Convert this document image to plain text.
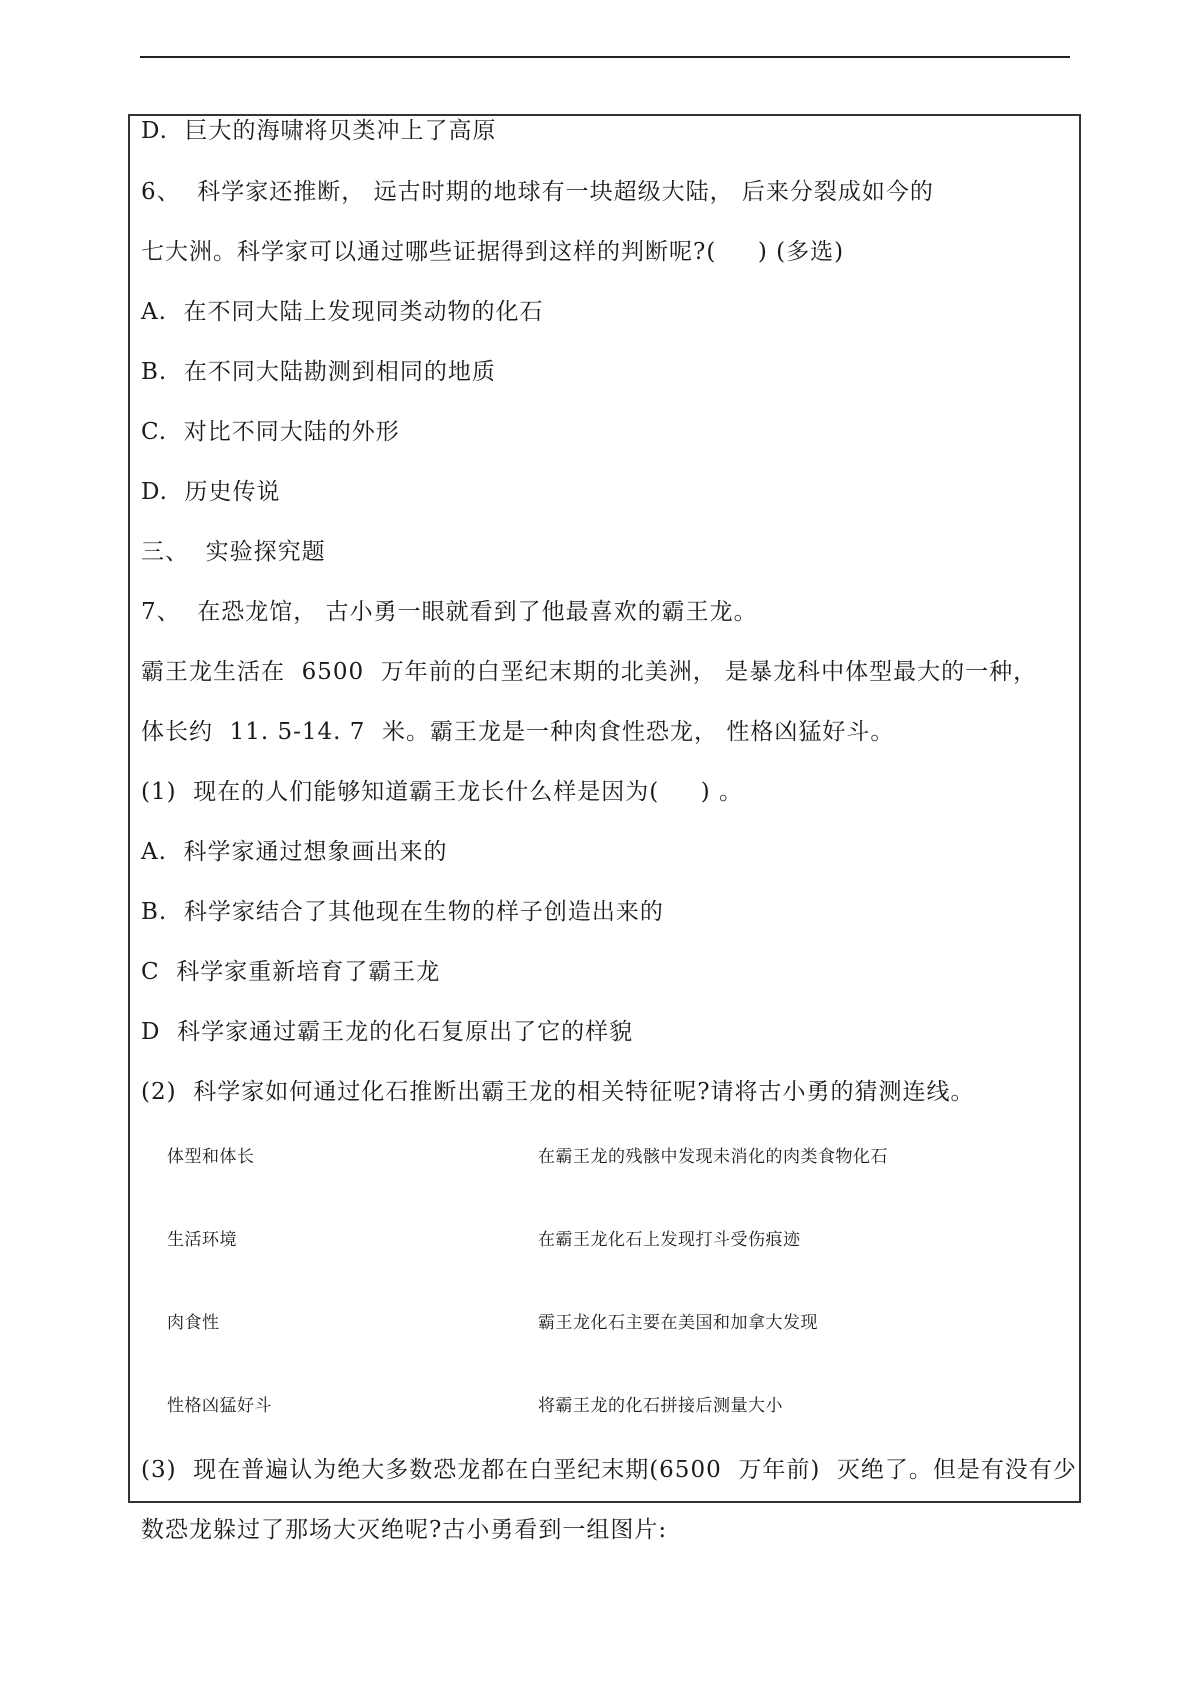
D.  巨大的海啸将贝类冲上了高原
6、  科学家还推断， 远古时期的地球有一块超级大陆， 后来分裂成如今的
七大洲。科学家可以通过哪些证据得到这样的判断呢?(     ) (多选)
A.  在不同大陆上发现同类动物的化石
B.  在不同大陆勘测到相同的地质
C.  对比不同大陆的外形
D.  历史传说
三、  实验探究题
7、  在恐龙馆， 古小勇一眼就看到了他最喜欢的霸王龙。
霸王龙生活在  6500  万年前的白垩纪末期的北美洲， 是暴龙科中体型最大的一种，
体长约  11. 5-14. 7  米。霸王龙是一种肉食性恐龙， 性格凶猛好斗。
(1)  现在的人们能够知道霸王龙长什么样是因为(     ) 。
A.  科学家通过想象画出来的
B.  科学家结合了其他现在生物的样子创造出来的
C  科学家重新培育了霸王龙
D  科学家通过霸王龙的化石复原出了它的样貌
(2)  科学家如何通过化石推断出霸王龙的相关特征呢?请将古小勇的猜测连线。
体型和体长
生活环境
肉食性
性格凶猛好斗
在霸王龙的残骸中发现未消化的肉类食物化石
在霸王龙化石上发现打斗受伤痕迹
霸王龙化石主要在美国和加拿大发现
将霸王龙的化石拼接后测量大小
(3)  现在普遍认为绝大多数恐龙都在白垩纪末期(6500  万年前)  灭绝了。但是有没有少
数恐龙躲过了那场大灭绝呢?古小勇看到一组图片:
